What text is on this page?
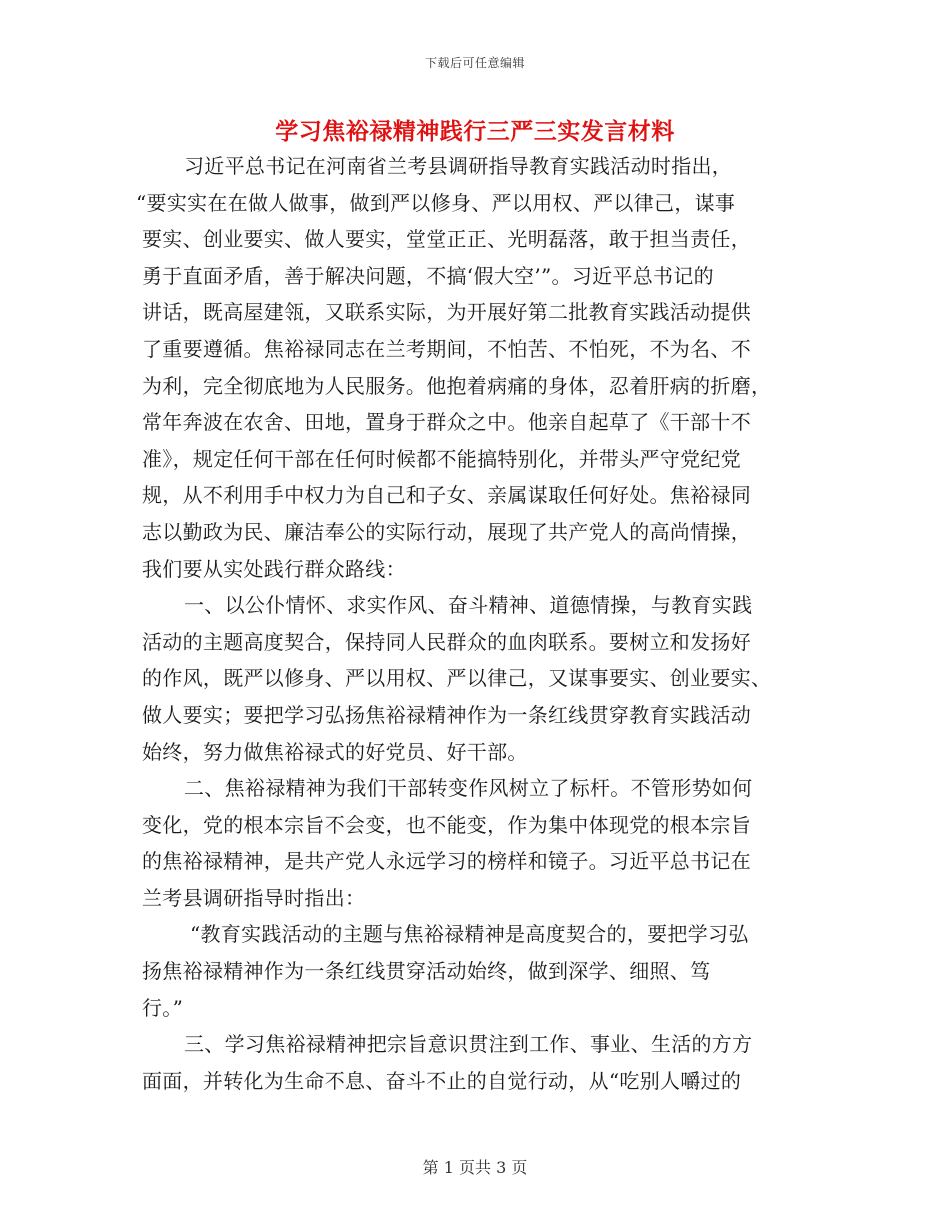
下载后可任意编辑
学习焦裕禄精神践行三严三实发言材料
习近平总书记在河南省兰考县调研指导教育实践活动时指出，
“要实实在在做人做事，做到严以修身、严以用权、严以律己，谋事
要实、创业要实、做人要实，堂堂正正、光明磊落，敢于担当责任，
勇于直面矛盾，善于解决问题，不搞‘假大空’”。习近平总书记的
讲话，既高屋建瓴，又联系实际，为开展好第二批教育实践活动提供
了重要遵循。焦裕禄同志在兰考期间，不怕苦、不怕死，不为名、不
为利，完全彻底地为人民服务。他抱着病痛的身体，忍着肝病的折磨，
常年奔波在农舍、田地，置身于群众之中。他亲自起草了《干部十不
准》，规定任何干部在任何时候都不能搞特别化，并带头严守党纪党
规，从不利用手中权力为自己和子女、亲属谋取任何好处。焦裕禄同
志以勤政为民、廉洁奉公的实际行动，展现了共产党人的高尚情操，
我们要从实处践行群众路线：
一、以公仆情怀、求实作风、奋斗精神、道德情操，与教育实践
活动的主题高度契合，保持同人民群众的血肉联系。要树立和发扬好
的作风，既严以修身、严以用权、严以律己，又谋事要实、创业要实、
做人要实；要把学习弘扬焦裕禄精神作为一条红线贯穿教育实践活动
始终，努力做焦裕禄式的好党员、好干部。
二、焦裕禄精神为我们干部转变作风树立了标杆。不管形势如何
变化，党的根本宗旨不会变，也不能变，作为集中体现党的根本宗旨
的焦裕禄精神，是共产党人永远学习的榜样和镜子。习近平总书记在
兰考县调研指导时指出：
“教育实践活动的主题与焦裕禄精神是高度契合的，要把学习弘
扬焦裕禄精神作为一条红线贯穿活动始终，做到深学、细照、笃
行。”
三、学习焦裕禄精神把宗旨意识贯注到工作、事业、生活的方方
面面，并转化为生命不息、奋斗不止的自觉行动，从“吃别人嚼过的
第 1 页共 3 页
